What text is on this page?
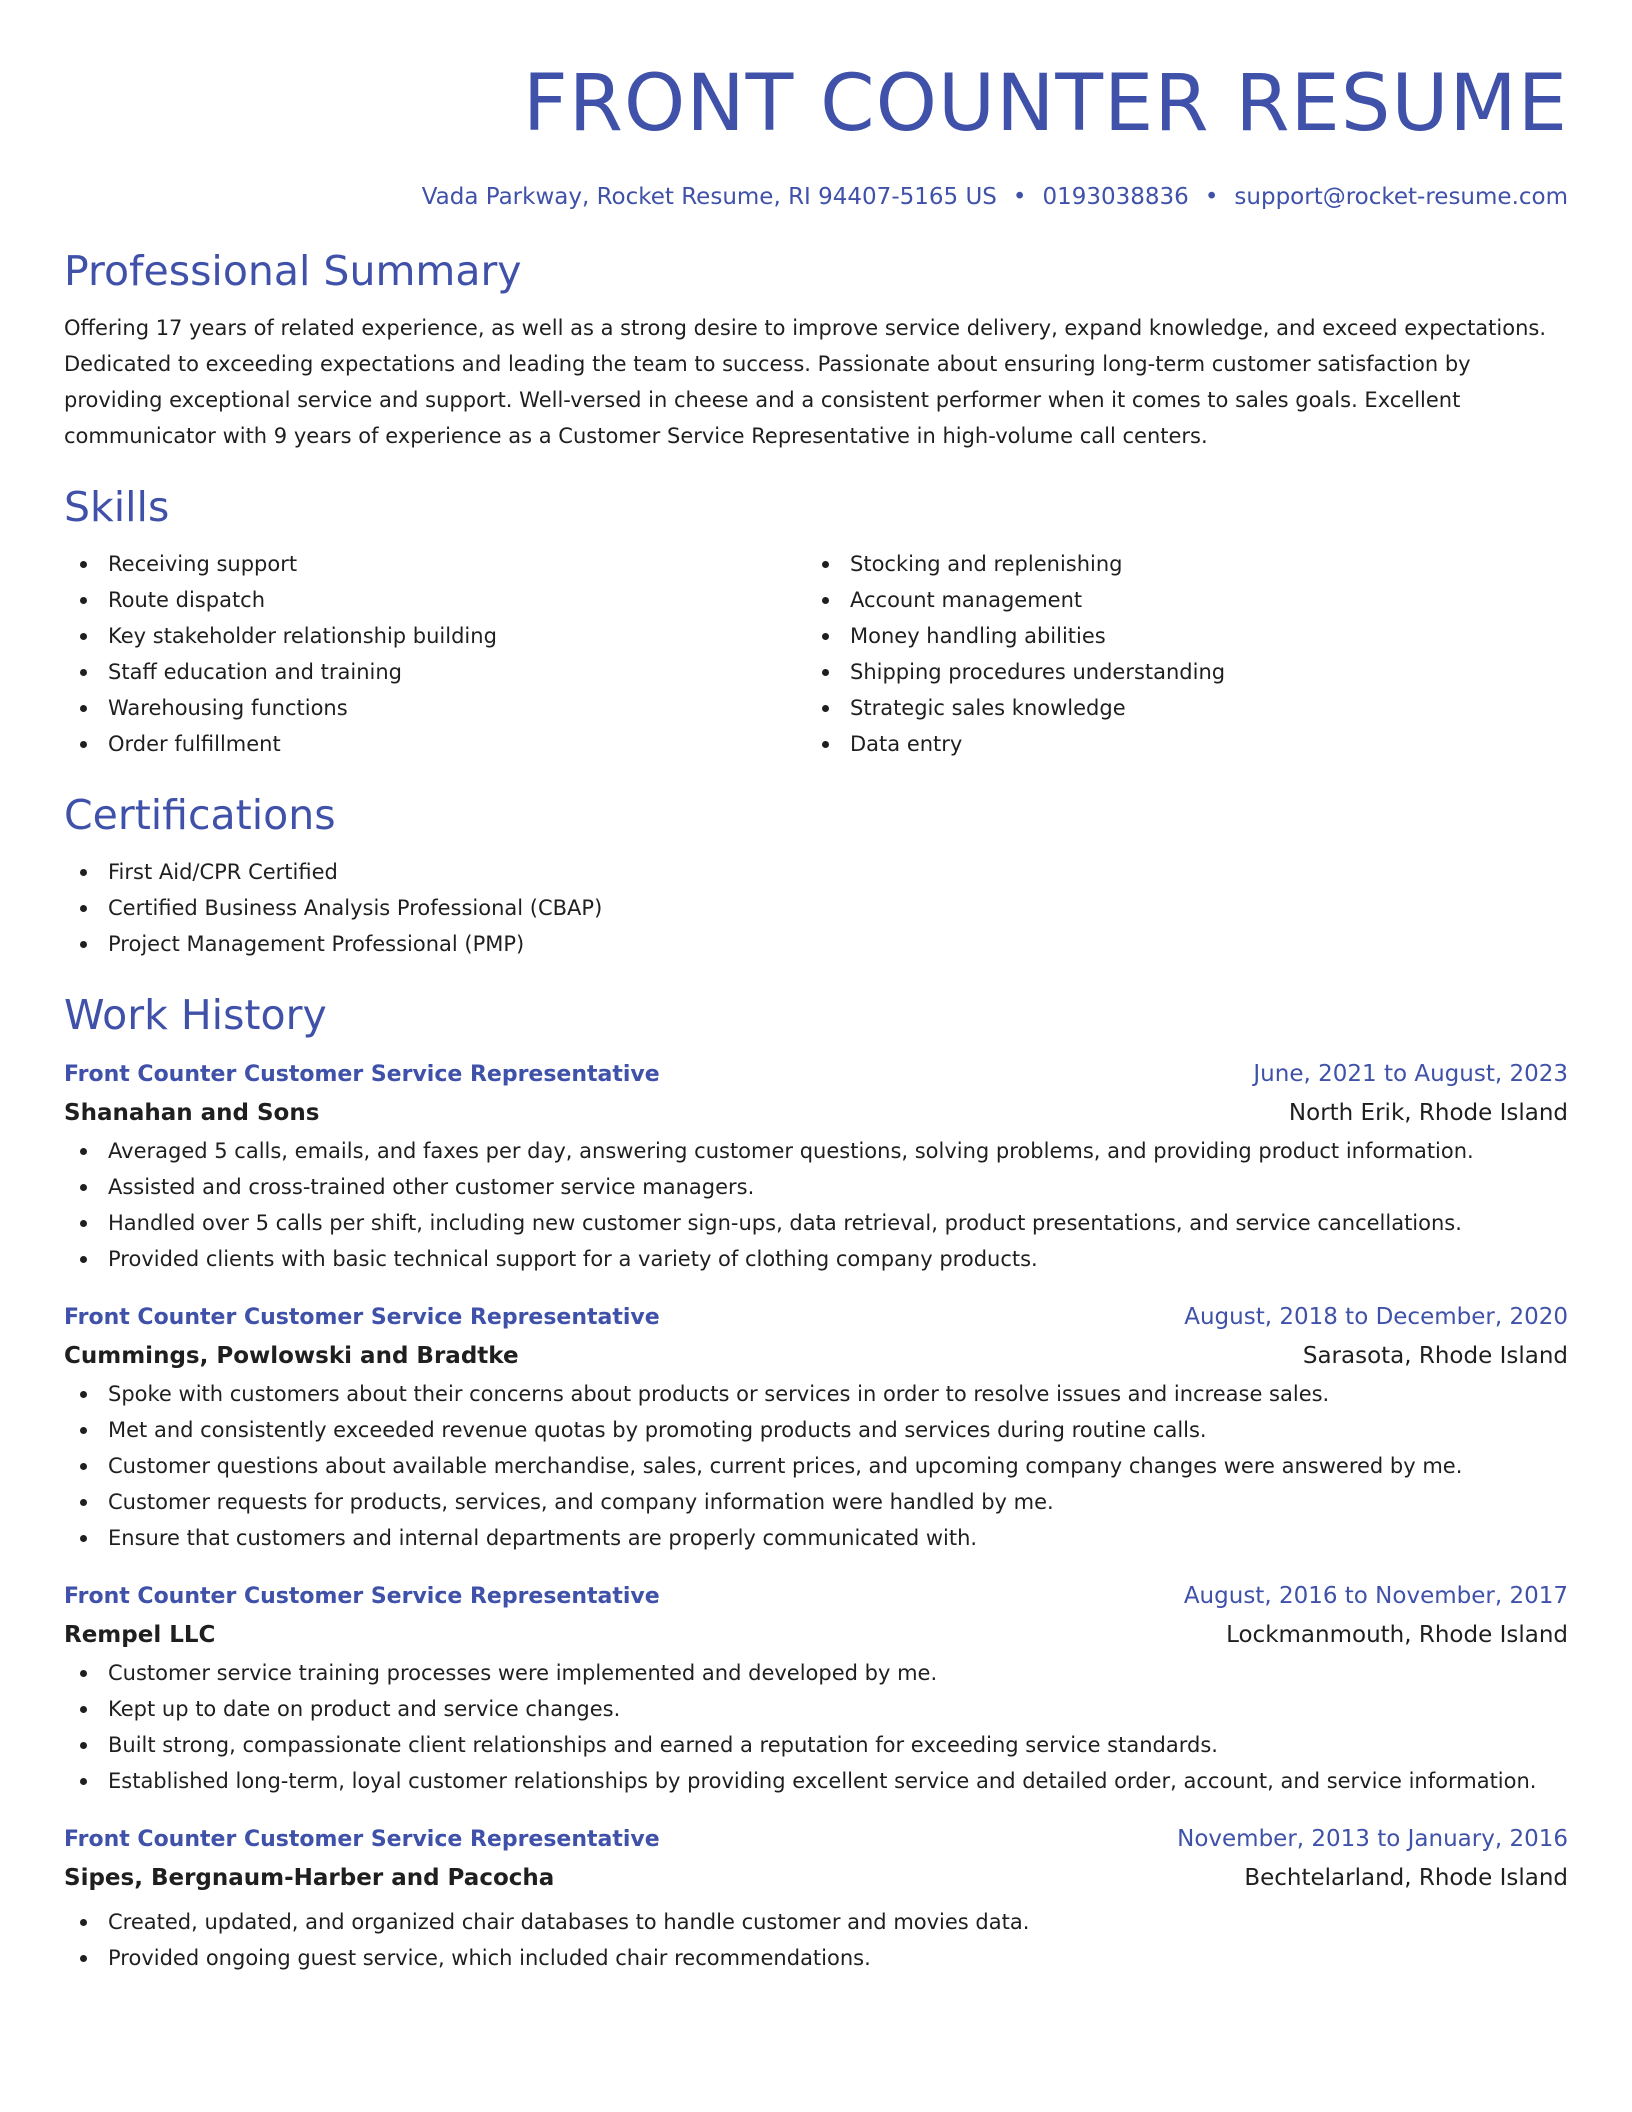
FRONT COUNTER RESUME
Vada Parkway, Rocket Resume, RI 94407-5165 US • 0193038836 • support@rocket-resume.com
Professional Summary

Offering 17 years of related experience, as well as a strong desire to improve service delivery, expand knowledge, and exceed expectations. Dedicated to exceeding expectations and leading the team to success. Passionate about ensuring long-term customer satisfaction by providing exceptional service and support. Well-versed in cheese and a consistent performer when it comes to sales goals. Excellent communicator with 9 years of experience as a Customer Service Representative in high-volume call centers.

Skills
Receiving support
Route dispatch
Key stakeholder relationship building
Staff education and training
Warehousing functions
Order fulfillment
Stocking and replenishing
Account management
Money handling abilities
Shipping procedures understanding
Strategic sales knowledge
Data entry
Certifications
First Aid/CPR Certified
Certified Business Analysis Professional (CBAP)
Project Management Professional (PMP)
Work History
Front Counter Customer Service Representative	June, 2021 to August, 2023
Shanahan and Sons	North Erik, Rhode Island
Averaged 5 calls, emails, and faxes per day, answering customer questions, solving problems, and providing product information.
Assisted and cross-trained other customer service managers.
Handled over 5 calls per shift, including new customer sign-ups, data retrieval, product presentations, and service cancellations.
Provided clients with basic technical support for a variety of clothing company products.
Front Counter Customer Service Representative	August, 2018 to December, 2020
Cummings, Powlowski and Bradtke	Sarasota, Rhode Island
Spoke with customers about their concerns about products or services in order to resolve issues and increase sales.
Met and consistently exceeded revenue quotas by promoting products and services during routine calls.
Customer questions about available merchandise, sales, current prices, and upcoming company changes were answered by me.
Customer requests for products, services, and company information were handled by me.
Ensure that customers and internal departments are properly communicated with.
Front Counter Customer Service Representative	August, 2016 to November, 2017
Rempel LLC	Lockmanmouth, Rhode Island
Customer service training processes were implemented and developed by me.
Kept up to date on product and service changes.
Built strong, compassionate client relationships and earned a reputation for exceeding service standards.
Established long-term, loyal customer relationships by providing excellent service and detailed order, account, and service information.
Front Counter Customer Service Representative	November, 2013 to January, 2016
Sipes, Bergnaum-Harber and Pacocha	Bechtelarland, Rhode Island
Created, updated, and organized chair databases to handle customer and movies data.
Provided ongoing guest service, which included chair recommendations.
